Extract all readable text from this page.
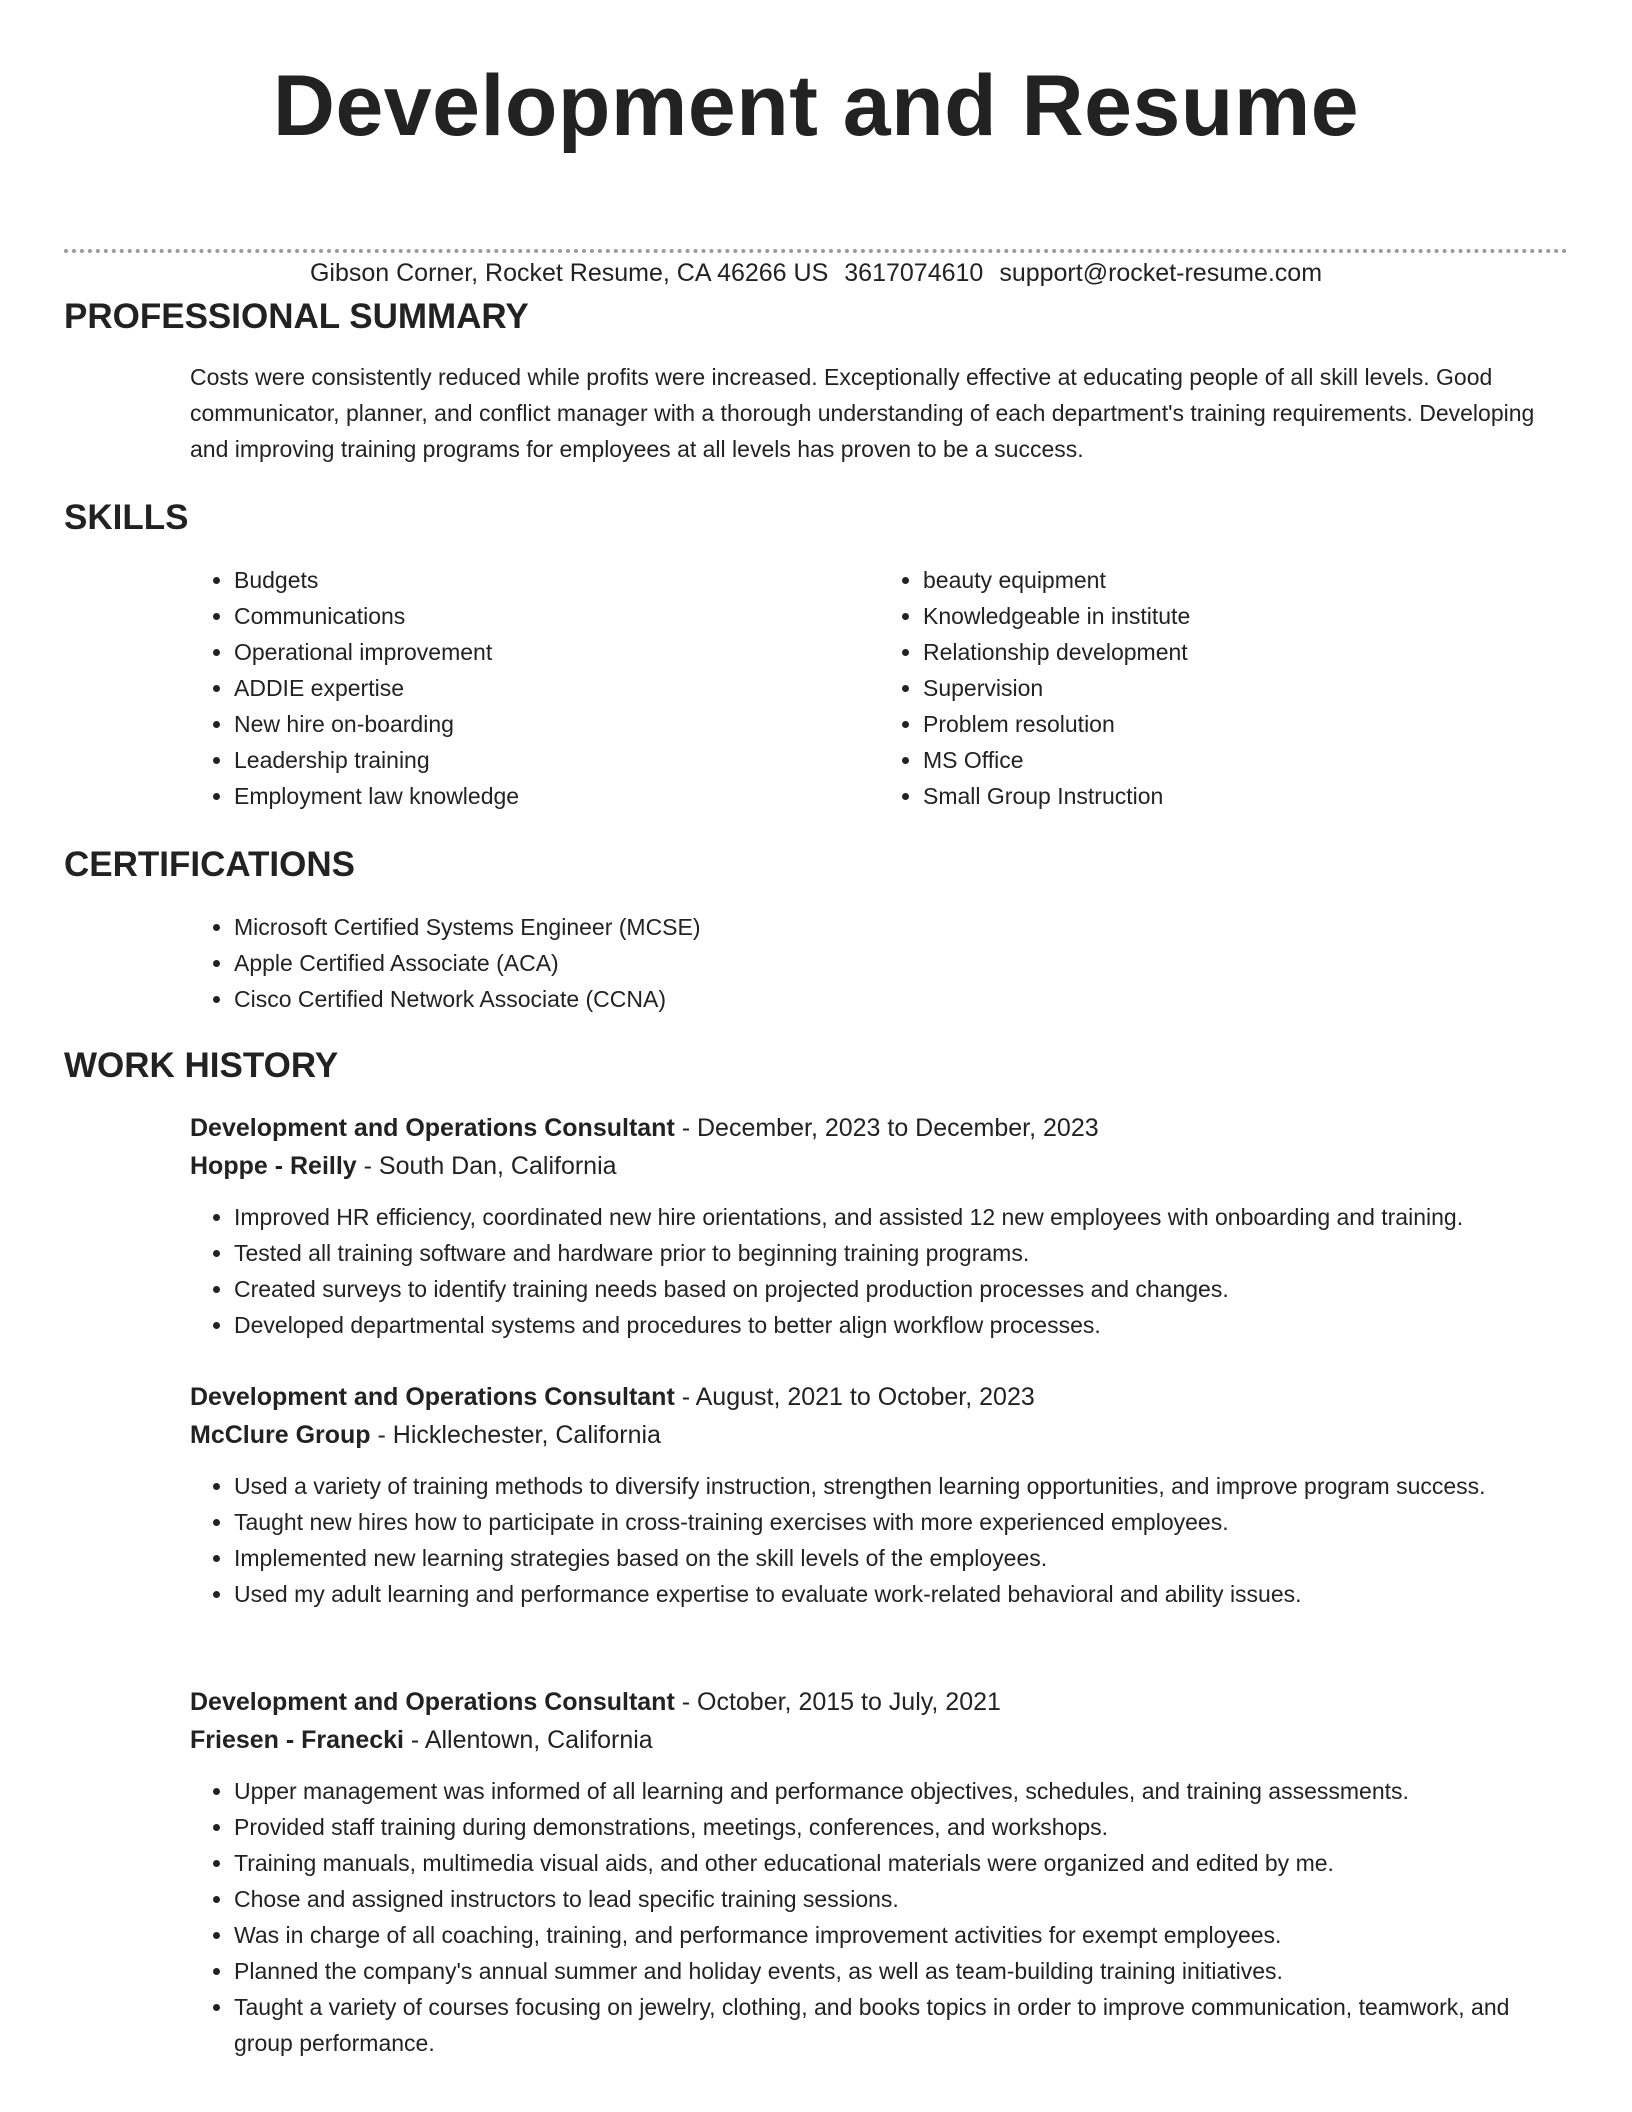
Development and Resume
Gibson Corner, Rocket Resume, CA 46266 US 3617074610 support@rocket-resume.com
PROFESSIONAL SUMMARY

Costs were consistently reduced while profits were increased. Exceptionally effective at educating people of all skill levels. Good communicator, planner, and conflict manager with a thorough understanding of each department's training requirements. Developing and improving training programs for employees at all levels has proven to be a success.

SKILLS
• Budgets
• Communications
• Operational improvement
• ADDIE expertise
• New hire on-boarding
• Leadership training
• Employment law knowledge
• beauty equipment
• Knowledgeable in institute
• Relationship development
• Supervision
• Problem resolution
• MS Office
• Small Group Instruction
CERTIFICATIONS
• Microsoft Certified Systems Engineer (MCSE)
• Apple Certified Associate (ACA)
• Cisco Certified Network Associate (CCNA)
WORK HISTORY
Development and Operations Consultant - December, 2023 to December, 2023
Hoppe - Reilly - South Dan, California
• Improved HR efficiency, coordinated new hire orientations, and assisted 12 new employees with onboarding and training.
• Tested all training software and hardware prior to beginning training programs.
• Created surveys to identify training needs based on projected production processes and changes.
• Developed departmental systems and procedures to better align workflow processes.
Development and Operations Consultant - August, 2021 to October, 2023
McClure Group - Hicklechester, California
• Used a variety of training methods to diversify instruction, strengthen learning opportunities, and improve program success.
• Taught new hires how to participate in cross-training exercises with more experienced employees.
• Implemented new learning strategies based on the skill levels of the employees.
• Used my adult learning and performance expertise to evaluate work-related behavioral and ability issues.
Development and Operations Consultant - October, 2015 to July, 2021
Friesen - Franecki - Allentown, California
• Upper management was informed of all learning and performance objectives, schedules, and training assessments.
• Provided staff training during demonstrations, meetings, conferences, and workshops.
• Training manuals, multimedia visual aids, and other educational materials were organized and edited by me.
• Chose and assigned instructors to lead specific training sessions.
• Was in charge of all coaching, training, and performance improvement activities for exempt employees.
• Planned the company's annual summer and holiday events, as well as team-building training initiatives.
• Taught a variety of courses focusing on jewelry, clothing, and books topics in order to improve communication, teamwork, and group performance.
